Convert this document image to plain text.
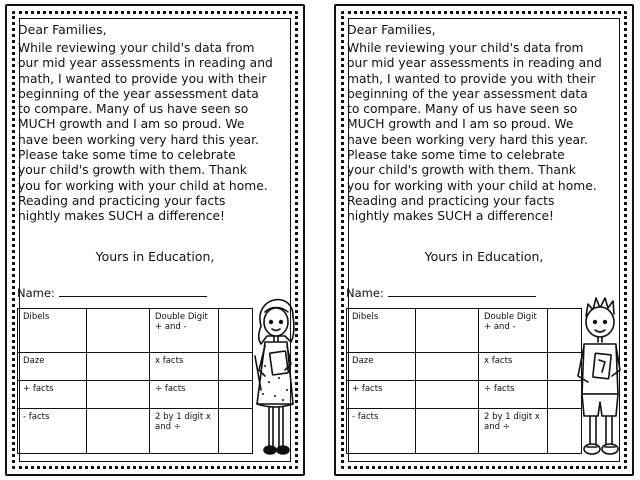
Dear Families,

While reviewing your child's data from
our mid year assessments in reading and
math, I wanted to provide you with their
beginning of the year assessment data
to compare. Many of us have seen so
MUCH growth and I am so proud. We
have been working very hard this year.
Please take some time to celebrate
your child's growth with them. Thank
you for working with your child at home.
Reading and practicing your facts
nightly makes SUCH a difference!

Yours in Education,
Name:
Dibels		Double Digit + and -	
Daze		x facts	
+ facts		÷ facts	
- facts		2 by 1 digit x and ÷	
Dear Families,

While reviewing your child's data from
our mid year assessments in reading and
math, I wanted to provide you with their
beginning of the year assessment data
to compare. Many of us have seen so
MUCH growth and I am so proud. We
have been working very hard this year.
Please take some time to celebrate
your child's growth with them. Thank
you for working with your child at home.
Reading and practicing your facts
nightly makes SUCH a difference!

Yours in Education,
Name:
Dibels		Double Digit + and -	
Daze		x facts	
+ facts		÷ facts	
- facts		2 by 1 digit x and ÷	
